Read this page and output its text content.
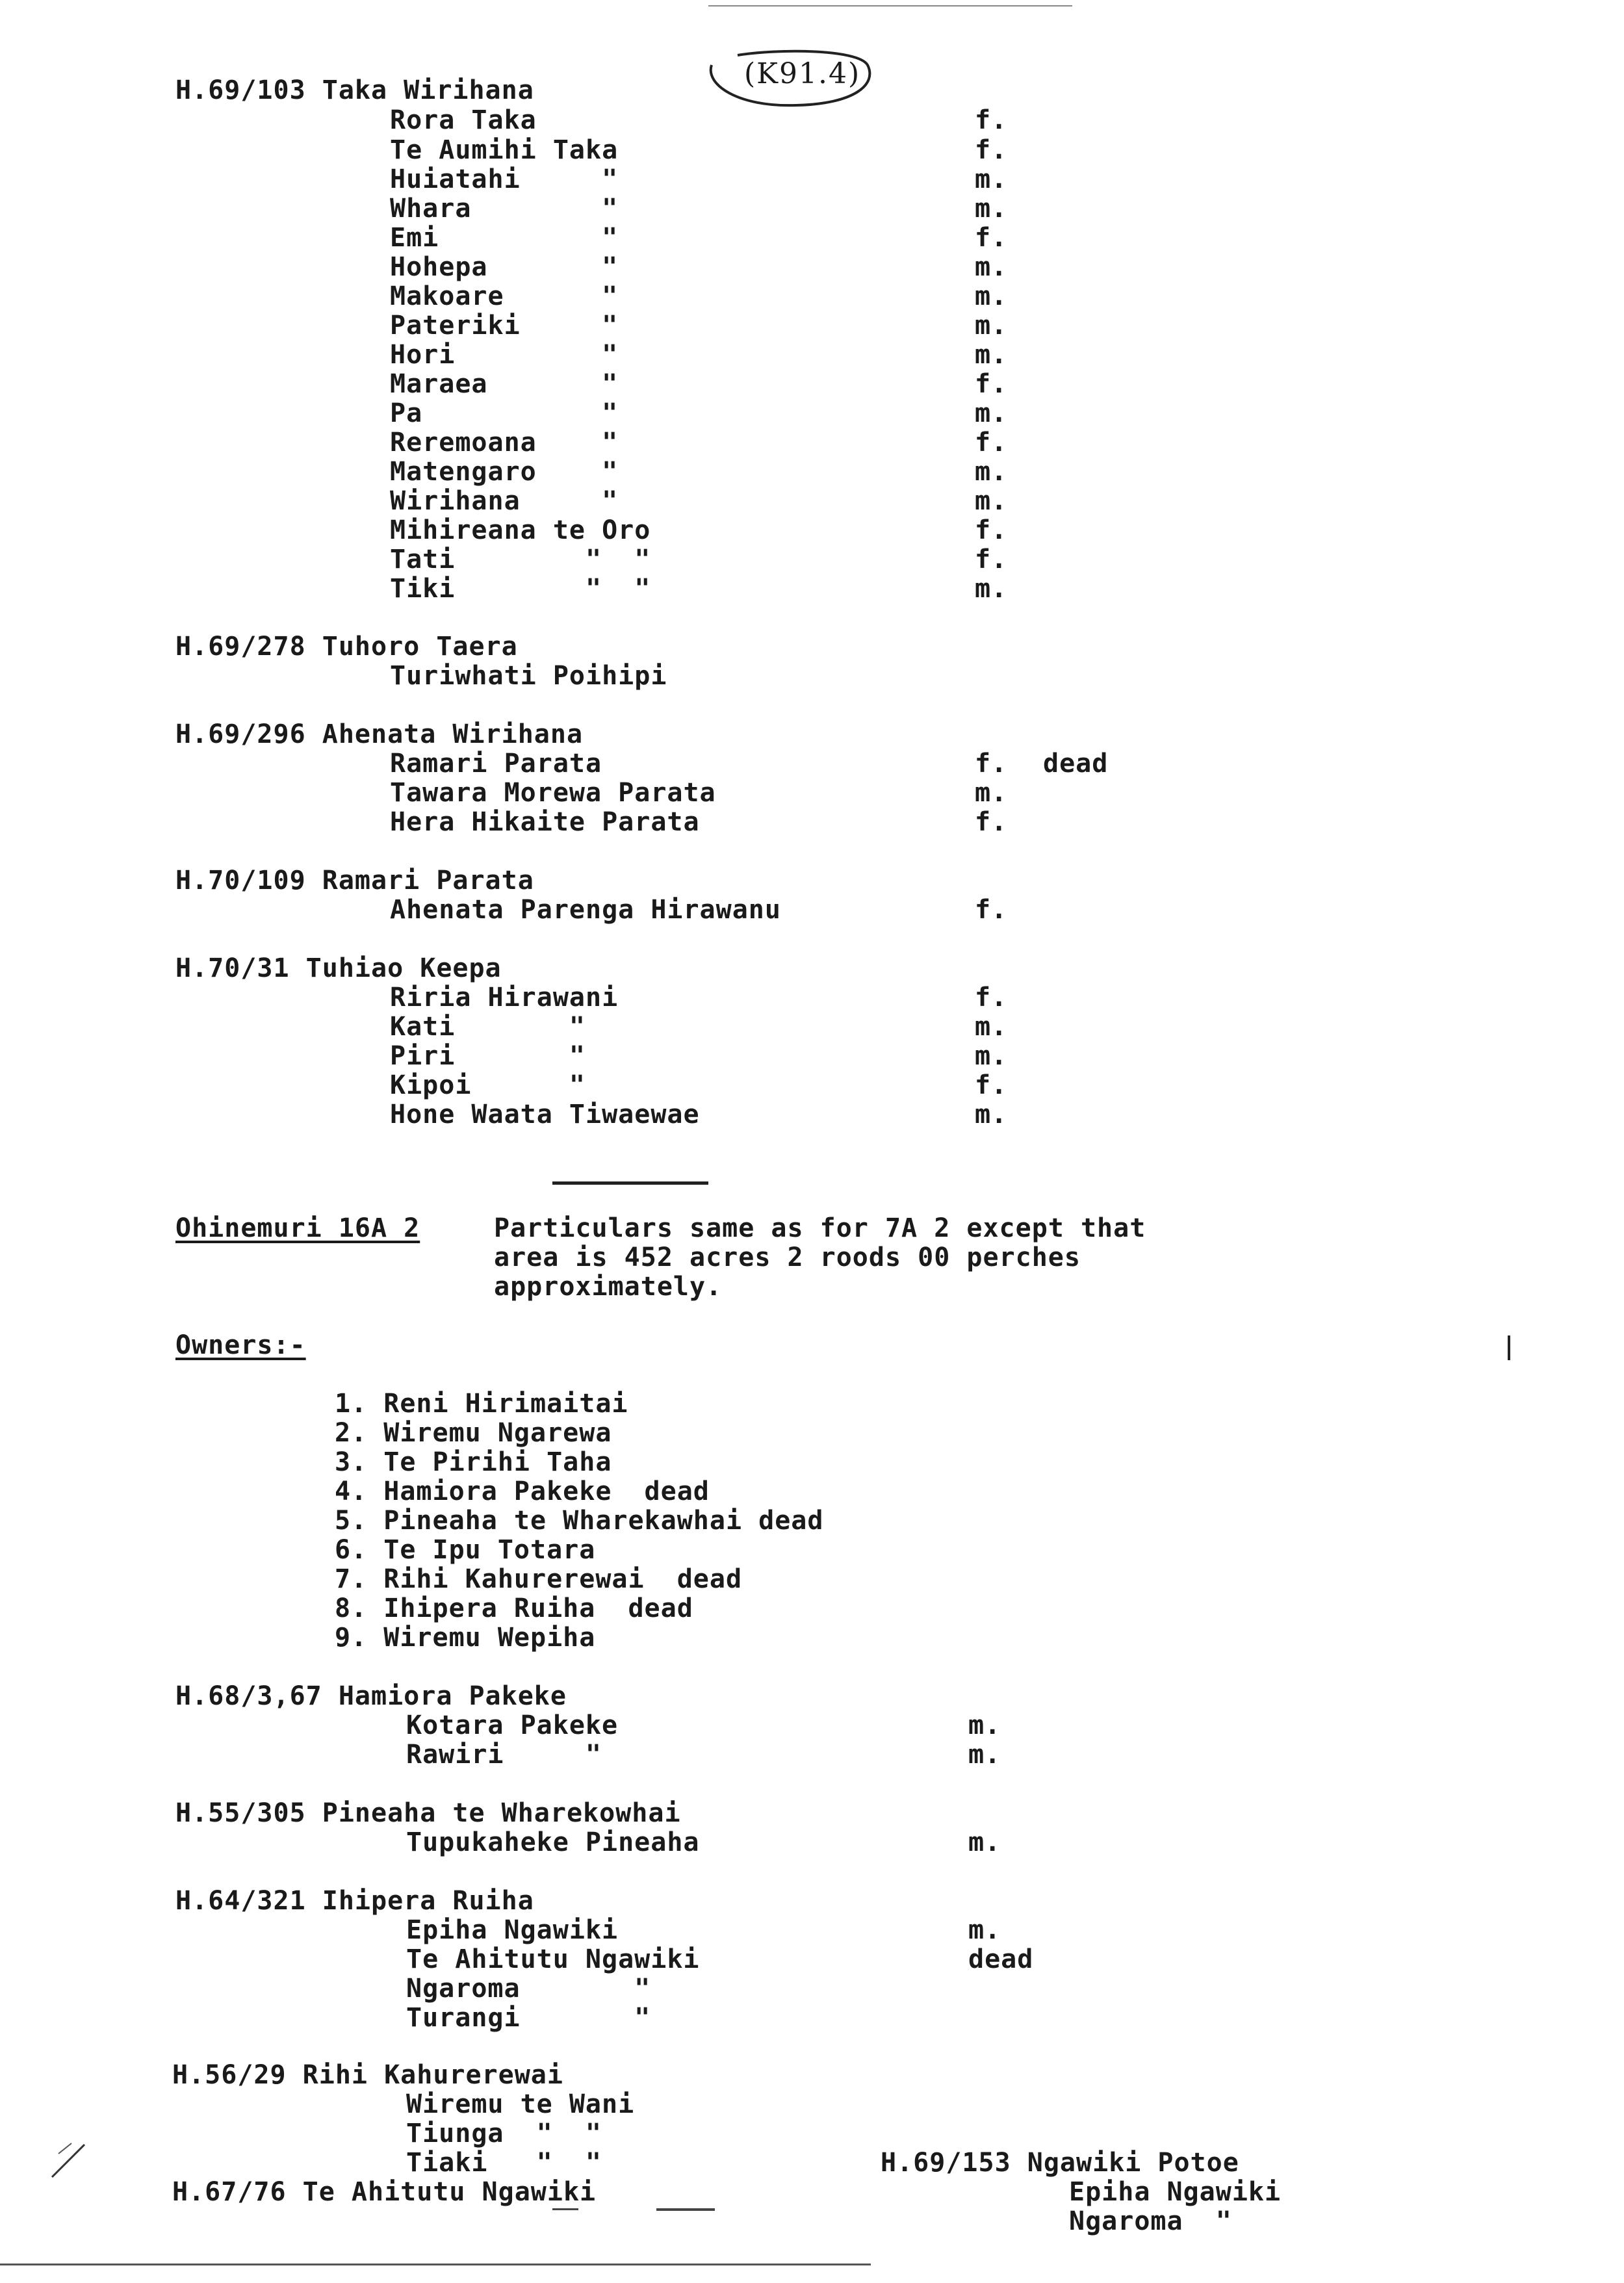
(K91.4)
H.69/103 Taka Wirihana
Rora Taka	f.
Te Aumihi Taka	f.
Huiatahi     "	m.
Whara        "	m.
Emi          "	f.
Hohepa       "	m.
Makoare      "	m.
Pateriki     "	m.
Hori         "	m.
Maraea       "	f.
Pa           "	m.
Reremoana    "	f.
Matengaro    "	m.
Wirihana     "	m.
Mihireana te Oro	f.
Tati        "  "	f.
Tiki        "  "	m.
H.69/278 Tuhoro Taera
Turiwhati Poihipi
H.69/296 Ahenata Wirihana
Ramari Parata	f. dead
Tawara Morewa Parata	m.
Hera Hikaite Parata	f.
H.70/109 Ramari Parata
Ahenata Parenga Hirawanu	f.
H.70/31 Tuhiao Keepa
Riria Hirawani	f.
Kati       "	m.
Piri       "	m.
Kipoi      "	f.
Hone Waata Tiwaewae	m.
Ohinemuri 16A 2	Particulars same as for 7A 2 except that
area is 452 acres 2 roods 00 perches
approximately.
Owners:-
1. Reni Hirimaitai
2. Wiremu Ngarewa
3. Te Pirihi Taha
4. Hamiora Pakeke  dead
5. Pineaha te Wharekawhai dead
6. Te Ipu Totara
7. Rihi Kahurerewai  dead
8. Ihipera Ruiha  dead
9. Wiremu Wepiha
H.68/3,67 Hamiora Pakeke
Kotara Pakeke	m.
Rawiri     "	m.
H.55/305 Pineaha te Wharekowhai
Tupukaheke Pineaha	m.
H.64/321 Ihipera Ruiha
Epiha Ngawiki	m.
Te Ahitutu Ngawiki	dead
Ngaroma       "
Turangi       "
H.56/29 Rihi Kahurerewai
Wiremu te Wani
Tiunga  "  "
Tiaki   "  "
H.67/76 Te Ahitutu Ngawiki
H.69/153 Ngawiki Potoe
Epiha Ngawiki
Ngaroma  "
